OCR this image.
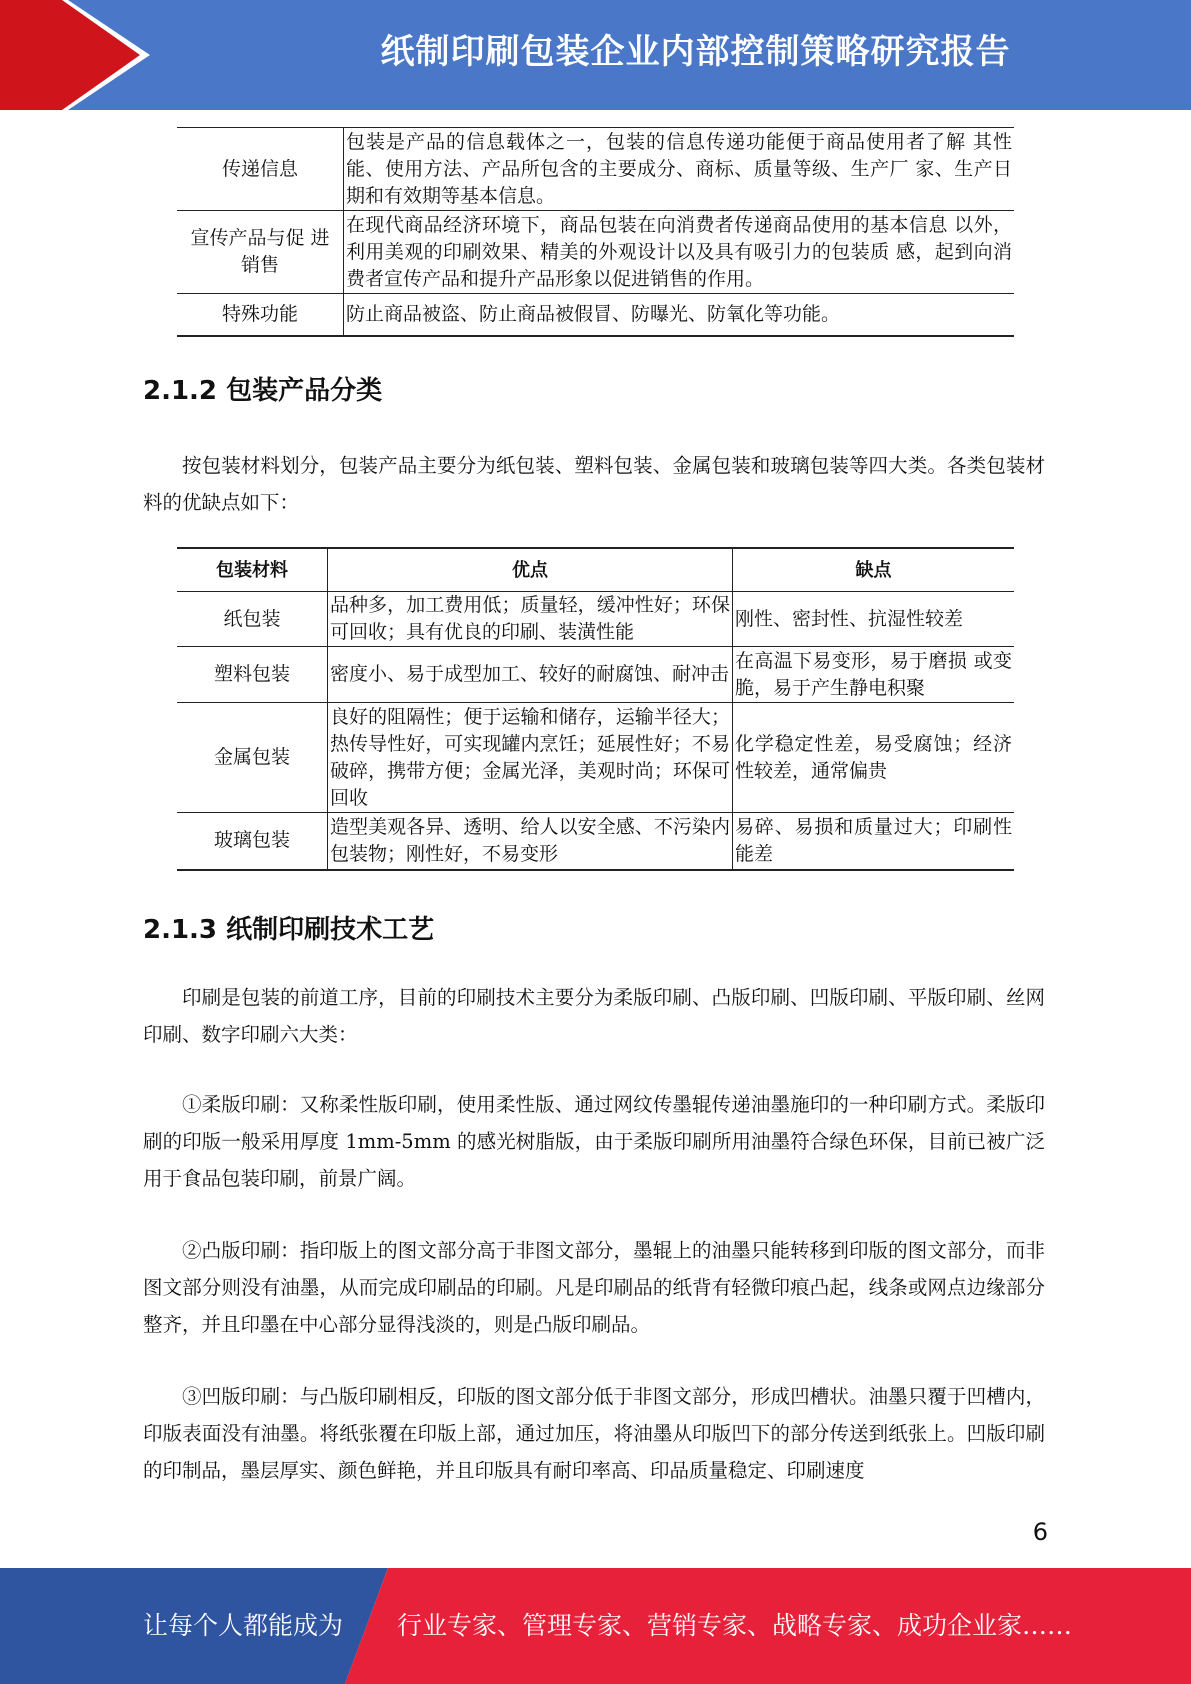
纸制印刷包装企业内部控制策略研究报告
传递信息	包装是产品的信息载体之一，包装的信息传递功能便于商品使用者了解 其性能、使用方法、产品所包含的主要成分、商标、质量等级、生产厂 家、生产日期和有效期等基本信息。
宣传产品与促 进销售	在现代商品经济环境下，商品包装在向消费者传递商品使用的基本信息 以外，利用美观的印刷效果、精美的外观设计以及具有吸引力的包装质 感，起到向消费者宣传产品和提升产品形象以促进销售的作用。
特殊功能	防止商品被盗、防止商品被假冒、防曝光、防氧化等功能。
2.1.2 包装产品分类

按包装材料划分，包装产品主要分为纸包装、塑料包装、金属包装和玻璃包装等四大类。各类包装材料的优缺点如下：

包装材料	优点	缺点
纸包装	品种多，加工费用低；质量轻，缓冲性好；环保可回收；具有优良的印刷、装潢性能	刚性、密封性、抗湿性较差
塑料包装	密度小、易于成型加工、较好的耐腐蚀、耐冲击	在高温下易变形，易于磨损 或变脆，易于产生静电积聚
金属包装	良好的阻隔性；便于运输和储存，运输半径大；热传导性好，可实现罐内烹饪；延展性好；不易破碎，携带方便；金属光泽，美观时尚；环保可回收	化学稳定性差，易受腐蚀；经济性较差，通常偏贵
玻璃包装	造型美观各异、透明、给人以安全感、不污染内包装物；刚性好，不易变形	易碎、易损和质量过大；印刷性能差
2.1.3 纸制印刷技术工艺

印刷是包装的前道工序，目前的印刷技术主要分为柔版印刷、凸版印刷、凹版印刷、平版印刷、丝网印刷、数字印刷六大类：

①柔版印刷：又称柔性版印刷，使用柔性版、通过网纹传墨辊传递油墨施印的一种印刷方式。柔版印刷的印版一般采用厚度 1mm-5mm 的感光树脂版，由于柔版印刷所用油墨符合绿色环保，目前已被广泛用于食品包装印刷，前景广阔。

②凸版印刷：指印版上的图文部分高于非图文部分，墨辊上的油墨只能转移到印版的图文部分，而非图文部分则没有油墨，从而完成印刷品的印刷。凡是印刷品的纸背有轻微印痕凸起，线条或网点边缘部分整齐，并且印墨在中心部分显得浅淡的，则是凸版印刷品。

③凹版印刷：与凸版印刷相反，印版的图文部分低于非图文部分，形成凹槽状。油墨只覆于凹槽内，印版表面没有油墨。将纸张覆在印版上部，通过加压，将油墨从印版凹下的部分传送到纸张上。凹版印刷的印制品，墨层厚实、颜色鲜艳，并且印版具有耐印率高、印品质量稳定、印刷速度

6
让每个人都能成为 行业专家、管理专家、营销专家、战略专家、成功企业家……
